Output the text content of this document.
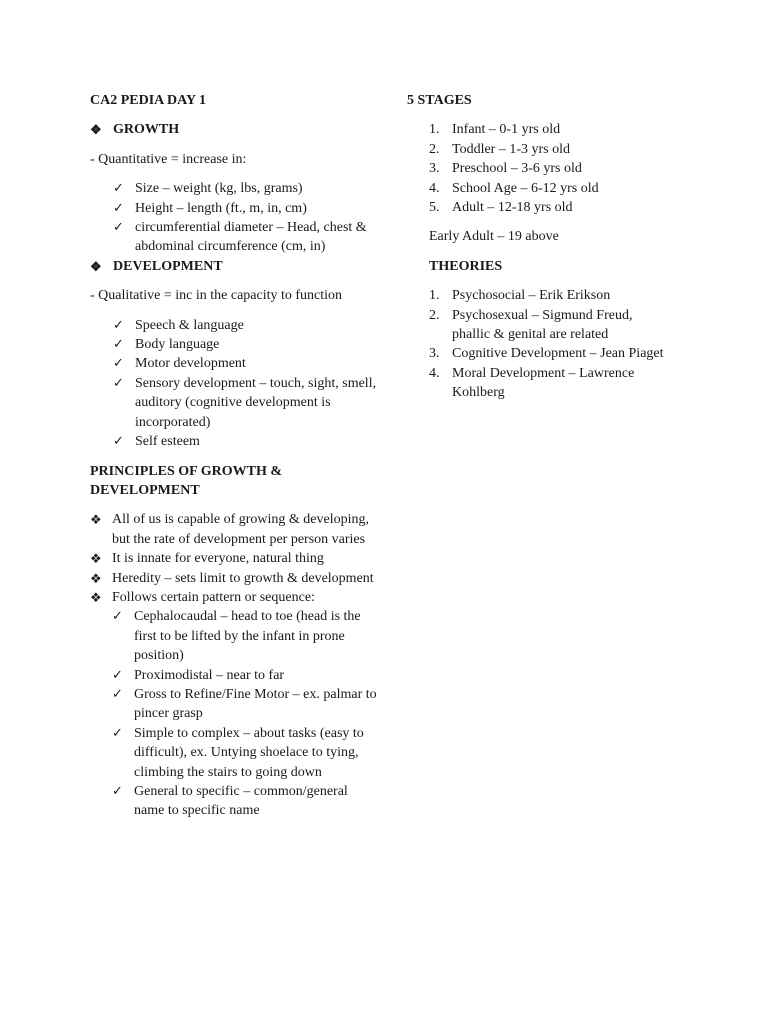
CA2 PEDIA DAY 1
❖ GROWTH

- Quantitative = increase in:

✓ Size – weight (kg, lbs, grams)
✓ Height – length (ft., m, in, cm)
✓ circumferential diameter – Head, chest & abdominal circumference (cm, in)
❖ DEVELOPMENT

- Qualitative = inc in the capacity to function

✓ Speech & language
✓ Body language
✓ Motor development
✓ Sensory development – touch, sight, smell, auditory (cognitive development is incorporated)
✓ Self esteem
PRINCIPLES OF GROWTH & DEVELOPMENT
❖ All of us is capable of growing & developing, but the rate of development per person varies
❖ It is innate for everyone, natural thing
❖ Heredity – sets limit to growth & development
❖ Follows certain pattern or sequence:
✓ Cephalocaudal – head to toe (head is the first to be lifted by the infant in prone position)
✓ Proximodistal – near to far
✓ Gross to Refine/Fine Motor – ex. palmar to pincer grasp
✓ Simple to complex – about tasks (easy to difficult), ex. Untying shoelace to tying, climbing the stairs to going down
✓ General to specific – common/general name to specific name
5 STAGES
1. Infant – 0-1 yrs old
2. Toddler – 1-3 yrs old
3. Preschool – 3-6 yrs old
4. School Age – 6-12 yrs old
5. Adult – 12-18 yrs old

Early Adult – 19 above

THEORIES
1. Psychosocial – Erik Erikson
2. Psychosexual – Sigmund Freud, phallic & genital are related
3. Cognitive Development – Jean Piaget
4. Moral Development – Lawrence Kohlberg
